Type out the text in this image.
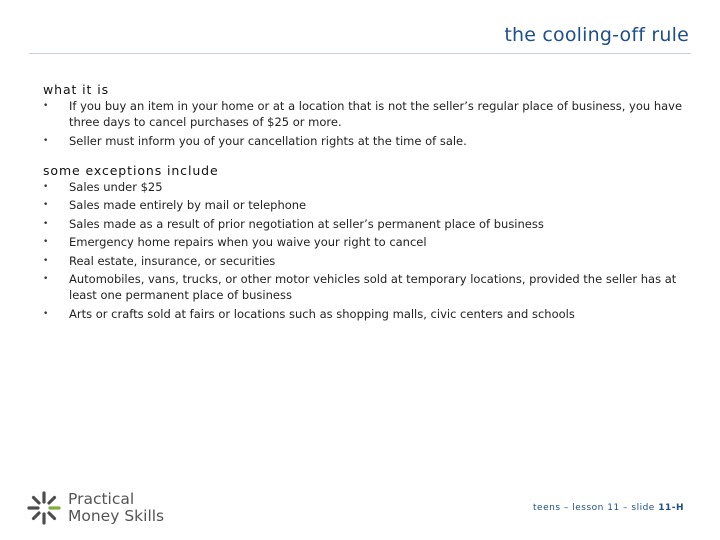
the cooling-off rule

what it is

• If you buy an item in your home or at a location that is not the seller’s regular place of business, you have three days to cancel purchases of $25 or more.
• Seller must inform you of your cancellation rights at the time of sale.

some exceptions include

• Sales under $25
• Sales made entirely by mail or telephone
• Sales made as a result of prior negotiation at seller’s permanent place of business
• Emergency home repairs when you waive your right to cancel
• Real estate, insurance, or securities
• Automobiles, vans, trucks, or other motor vehicles sold at temporary locations, provided the seller has at least one permanent place of business
• Arts or crafts sold at fairs or locations such as shopping malls, civic centers and schools
Practical
Money Skills	teens – lesson 11 – slide 11-H
